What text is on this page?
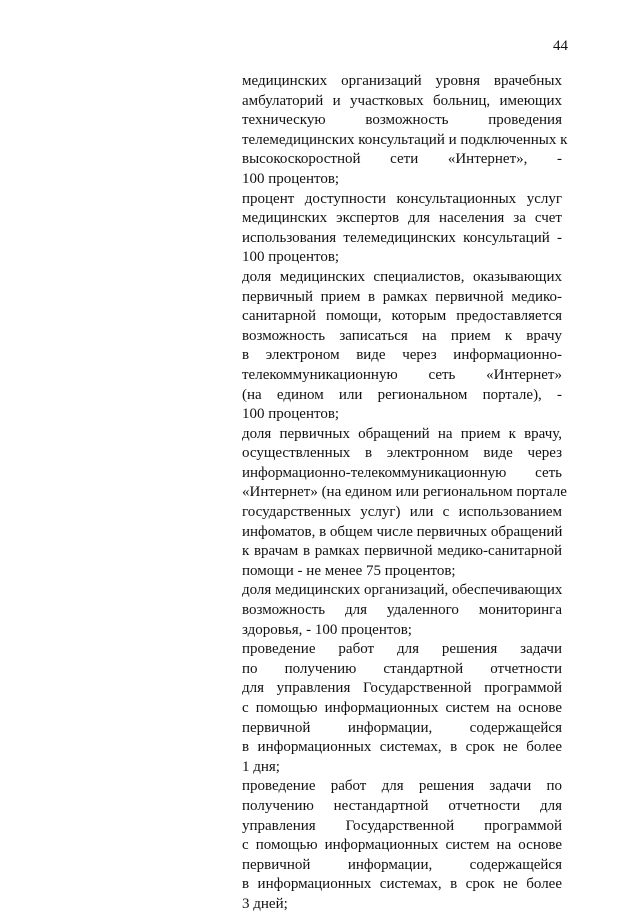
44
медицинских организаций уровня врачебных
амбулаторий и участковых больниц, имеющих
техническую возможность проведения
телемедицинских консультаций и подключенных к
высокоскоростной сети «Интернет», -
100 процентов;
процент доступности консультационных услуг
медицинских экспертов для населения за счет
использования телемедицинских консультаций -
100 процентов;
доля медицинских специалистов, оказывающих
первичный прием в рамках первичной медико-
санитарной помощи, которым предоставляется
возможность записаться на прием к врачу
в электроном виде через информационно-
телекоммуникационную сеть «Интернет»
(на едином или региональном портале), -
100 процентов;
доля первичных обращений на прием к врачу,
осуществленных в электронном виде через
информационно-телекоммуникационную сеть
«Интернет» (на едином или региональном портале
государственных услуг) или с использованием
инфоматов, в общем числе первичных обращений
к врачам в рамках первичной медико-санитарной
помощи - не менее 75 процентов;
доля медицинских организаций, обеспечивающих
возможность для удаленного мониторинга
здоровья, - 100 процентов;
проведение работ для решения задачи
по получению стандартной отчетности
для управления Государственной программой
с помощью информационных систем на основе
первичной информации, содержащейся
в информационных системах, в срок не более
1 дня;
проведение работ для решения задачи по
получению нестандартной отчетности для
управления Государственной программой
с помощью информационных систем на основе
первичной информации, содержащейся
в информационных системах, в срок не более
3 дней;
